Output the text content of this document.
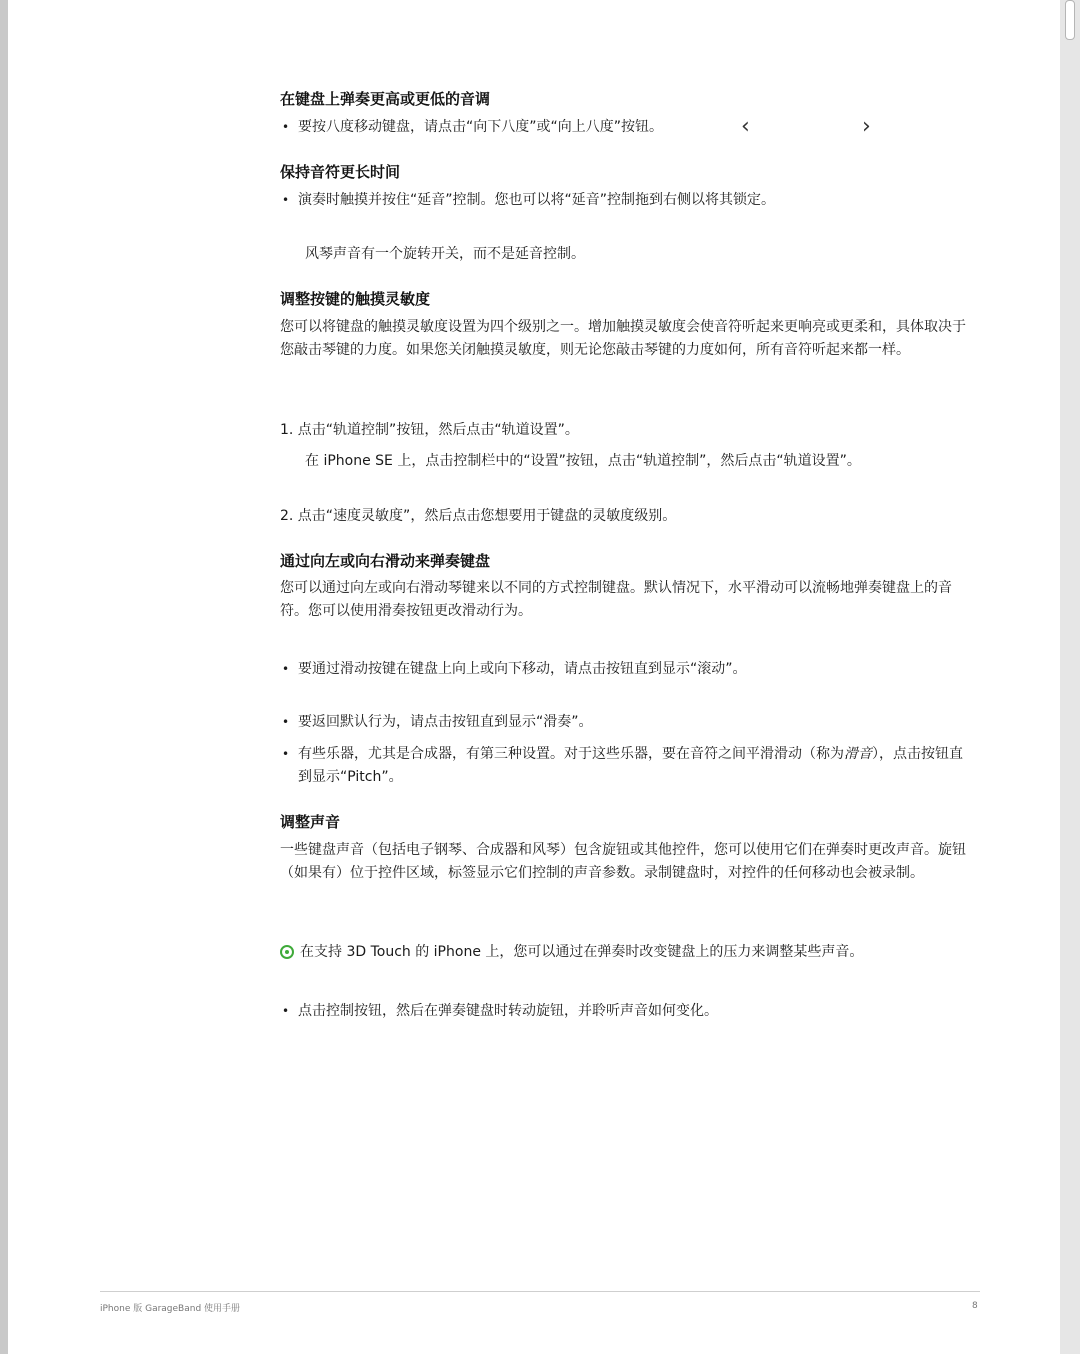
在键盘上弹奏更高或更低的音调
• 要按八度移动键盘，请点击“向下八度”或“向上八度”按钮。	‹	›
保持音符更长时间
• 演奏时触摸并按住“延音”控制。您也可以将“延音”控制拖到右侧以将其锁定。
风琴声音有一个旋转开关，而不是延音控制。
调整按键的触摸灵敏度
您可以将键盘的触摸灵敏度设置为四个级别之一。增加触摸灵敏度会使音符听起来更响亮或更柔和，具体取决于您敲击琴键的力度。如果您关闭触摸灵敏度，则无论您敲击琴键的力度如何，所有音符听起来都一样。
1. 点击“轨道控制”按钮，然后点击“轨道设置”。
在 iPhone SE 上，点击控制栏中的“设置”按钮，点击“轨道控制”，然后点击“轨道设置”。
2. 点击“速度灵敏度”，然后点击您想要用于键盘的灵敏度级别。
通过向左或向右滑动来弹奏键盘
您可以通过向左或向右滑动琴键来以不同的方式控制键盘。默认情况下，水平滑动可以流畅地弹奏键盘上的音符。您可以使用滑奏按钮更改滑动行为。
• 要通过滑动按键在键盘上向上或向下移动，请点击按钮直到显示“滚动”。
• 要返回默认行为，请点击按钮直到显示“滑奏”。
• 有些乐器，尤其是合成器，有第三种设置。对于这些乐器，要在音符之间平滑滑动（称为滑音），点击按钮直到显示“Pitch”。
调整声音
一些键盘声音（包括电子钢琴、合成器和风琴）包含旋钮或其他控件，您可以使用它们在弹奏时更改声音。旋钮（如果有）位于控件区域，标签显示它们控制的声音参数。录制键盘时，对控件的任何移动也会被录制。
在支持 3D Touch 的 iPhone 上，您可以通过在弹奏时改变键盘上的压力来调整某些声音。
• 点击控制按钮，然后在弹奏键盘时转动旋钮，并聆听声音如何变化。
iPhone 版 GarageBand 使用手册	8
